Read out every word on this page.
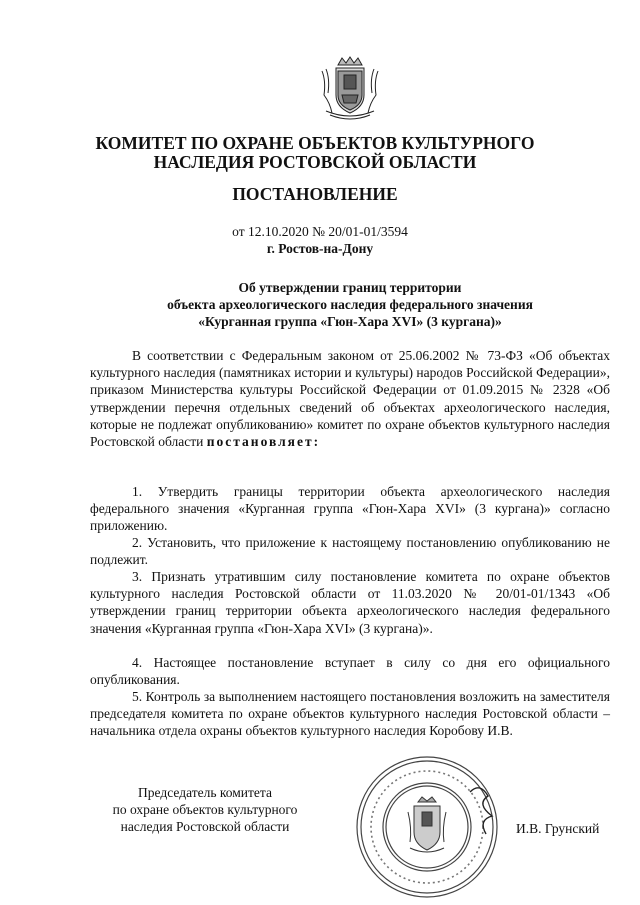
КОМИТЕТ ПО ОХРАНЕ ОБЪЕКТОВ КУЛЬТУРНОГО
НАСЛЕДИЯ РОСТОВСКОЙ ОБЛАСТИ
ПОСТАНОВЛЕНИЕ
от 12.10.2020 № 20/01-01/3594
г. Ростов-на-Дону
Об утверждении границ территории
объекта археологического наследия федерального значения
«Курганная группа «Гюн-Хара XVI» (3 кургана)»

В соответствии с Федеральным законом от 25.06.2002 № 73-ФЗ «Об объектах культурного наследия (памятниках истории и культуры) народов Российской Федерации», приказом Министерства культуры Российской Федерации от 01.09.2015 № 2328 «Об утверждении перечня отдельных сведений об объектах археологического наследия, которые не подлежат опубликованию» комитет по охране объектов культурного наследия Ростовской области постановляет:

1. Утвердить границы территории объекта археологического наследия федерального значения «Курганная группа «Гюн-Хара XVI» (3 кургана)» согласно приложению.

2. Установить, что приложение к настоящему постановлению опубликованию не подлежит.

3. Признать утратившим силу постановление комитета по охране объектов культурного наследия Ростовской области от 11.03.2020 № 20/01-01/1343 «Об утверждении границ территории объекта археологического наследия федерального значения «Курганная группа «Гюн-Хара XVI» (3 кургана)».

4. Настоящее постановление вступает в силу со дня его официального опубликования.

5. Контроль за выполнением настоящего постановления возложить на заместителя председателя комитета по охране объектов культурного наследия Ростовской области – начальника отдела охраны объектов культурного наследия Коробову И.В.

Председатель комитета
по охране объектов культурного
наследия Ростовской области	И.В. Грунский
